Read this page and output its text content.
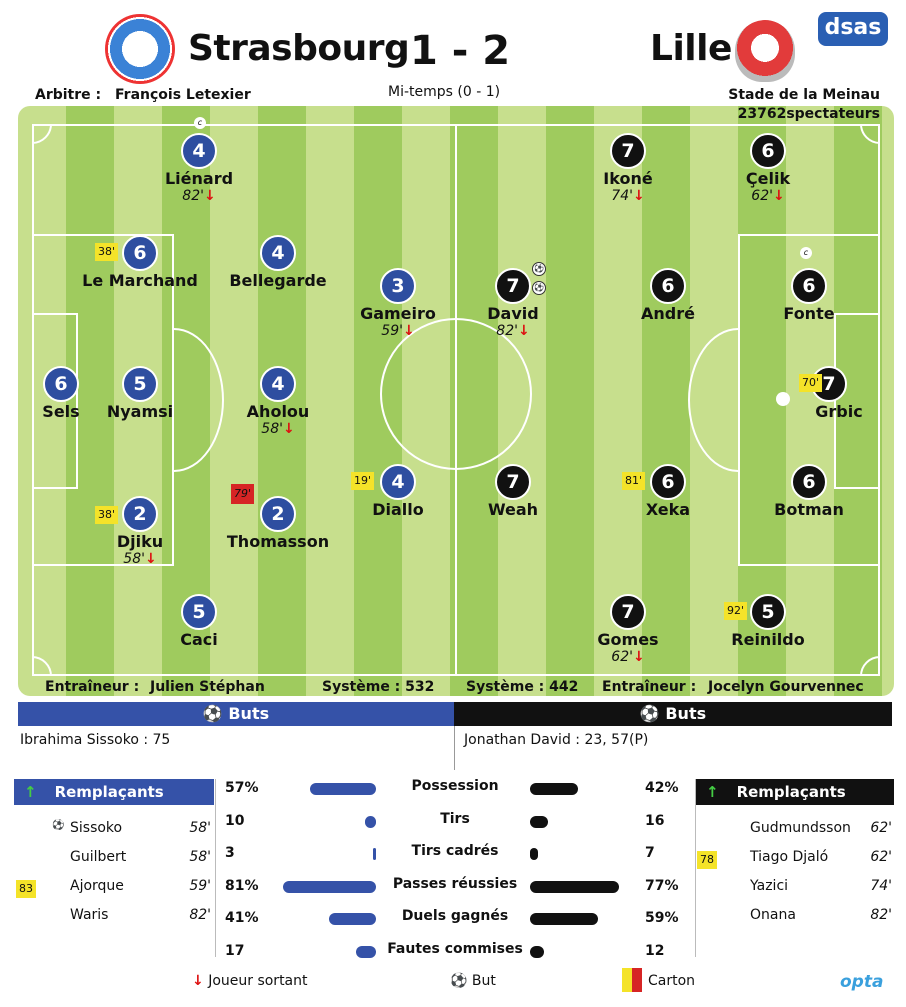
Strasbourg 1 - 2	Lille
dsas
Arbitre : François Letexier	Mi-temps (0 - 1)	Stade de la Meinau
23762spectateurs
Entraîneur : Julien Stéphan	Système : 532 Système : 442 Entraîneur : Jocelyn Gourvennec
⚽ Buts	⚽ Buts
Ibrahima Sissoko : 75	Jonathan David : 23, 57(P)
↑ Remplaçants	↑ Remplaçants
83
78
↓ Joueur sortant	⚽ But	Carton	opta
4
Liénard
82'↓
6
Le Marchand
4
Bellegarde	3
Gameiro
59'↓
6
Sels
5
Nyamsi
4
Aholou
58'↓
4
Diallo
2
Djiku
58'↓
2
Thomasson
5
Caci
7
Ikoné
74'↓
6
Çelik
62'↓
7
David
82'↓
6
André
6
Fonte
7
Grbic
7
Weah
6
Xeka
6
Botman
7
Gomes
62'↓
5
Reinildo
38'
38'
79'
19'	81'
70'
92'
c
c
⚽
⚽
Sissoko	58'
Guilbert	58'
Ajorque	59'
Waris	82'
Gudmundsson 62'
Tiago Djaló	62'
Yazici	74'
Onana	82'
⚽
57%	Possession	42%
10	Tirs	16
3	Tirs cadrés	7
81%	Passes réussies	77%
41%	Duels gagnés	59%
17	Fautes commises	12
